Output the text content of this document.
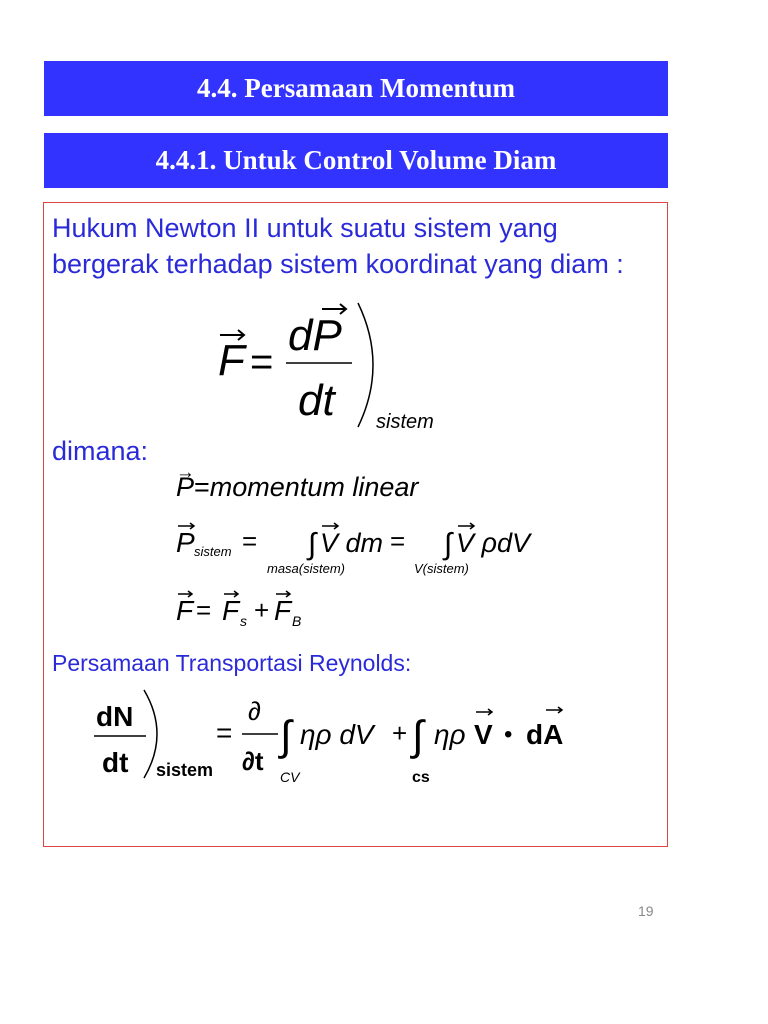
4.4. Persamaan Momentum
4.4.1. Untuk Control Volume Diam
Hukum Newton II untuk suatu sistem yang bergerak terhadap sistem koordinat yang diam :
F =
dP
dt sistem
dimana:
→ P=momentum linear
P sistem = ∫ V dm
masa(sistem)
= ∫ V ρdV
V(sistem)
F = F s + F B
Persamaan Transportasi Reynolds:
dN
dt sistem
=
∂
∂t
∫ ηρ dV
CV
+ ∫ ηρ V • dA
cs
19
